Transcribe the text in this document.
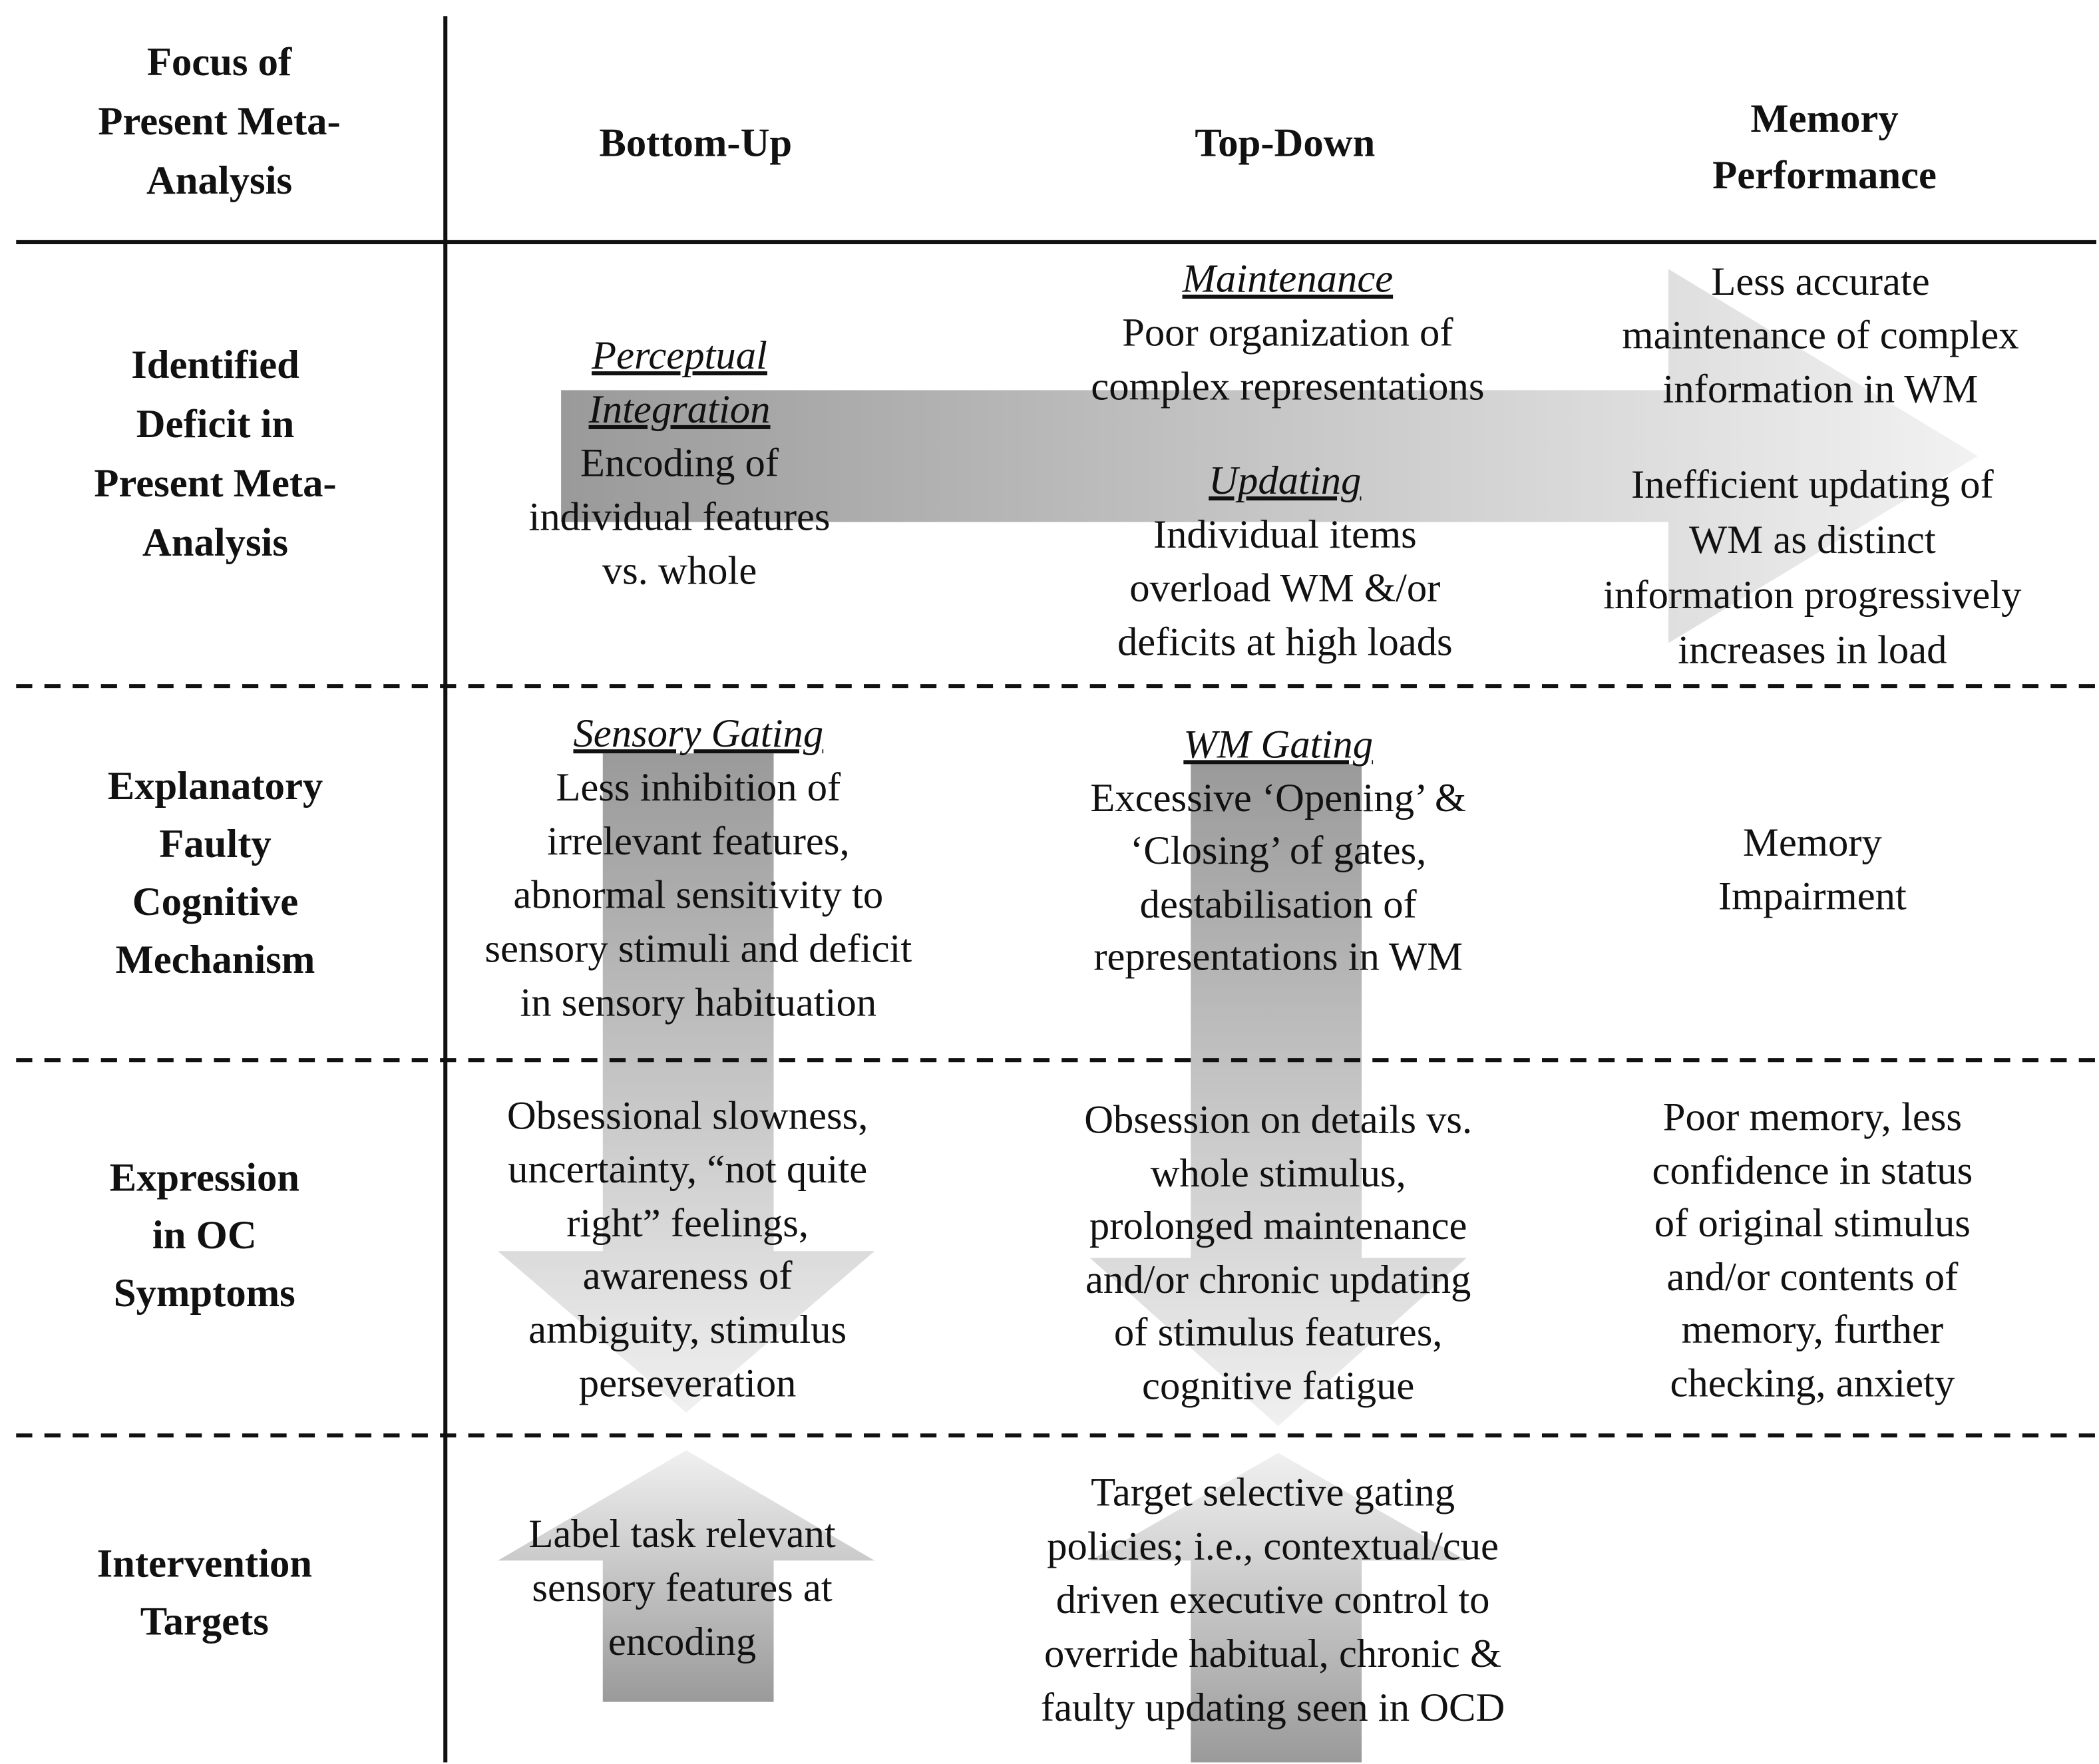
Focus of
Present Meta-
Analysis
Bottom-Up	Top-Down
Memory
Performance
Identified
Deficit in
Present Meta-
Analysis
Explanatory
Faulty
Cognitive
Mechanism
Expression
in OC
Symptoms
Intervention
Targets
Perceptual
Integration
Encoding of
individual features
vs. whole
Maintenance
Poor organization of
complex representations
Updating
Individual items
overload WM &/or
deficits at high loads
Less accurate
maintenance of complex
information in WM
Inefficient updating of
WM as distinct
information progressively
increases in load
Sensory Gating
Less inhibition of
irrelevant features,
abnormal sensitivity to
sensory stimuli and deficit
in sensory habituation
WM Gating
Excessive ‘Opening’ &
‘Closing’ of gates,
destabilisation of
representations in WM
Memory
Impairment
Obsessional slowness,
uncertainty, “not quite
right” feelings,
awareness of
ambiguity, stimulus
perseveration
Obsession on details vs.
whole stimulus,
prolonged maintenance
and/or chronic updating
of stimulus features,
cognitive fatigue
Poor memory, less
confidence in status
of original stimulus
and/or contents of
memory, further
checking, anxiety
Label task relevant
sensory features at
encoding
Target selective gating
policies; i.e., contextual/cue
driven executive control to
override habitual, chronic &
faulty updating seen in OCD
